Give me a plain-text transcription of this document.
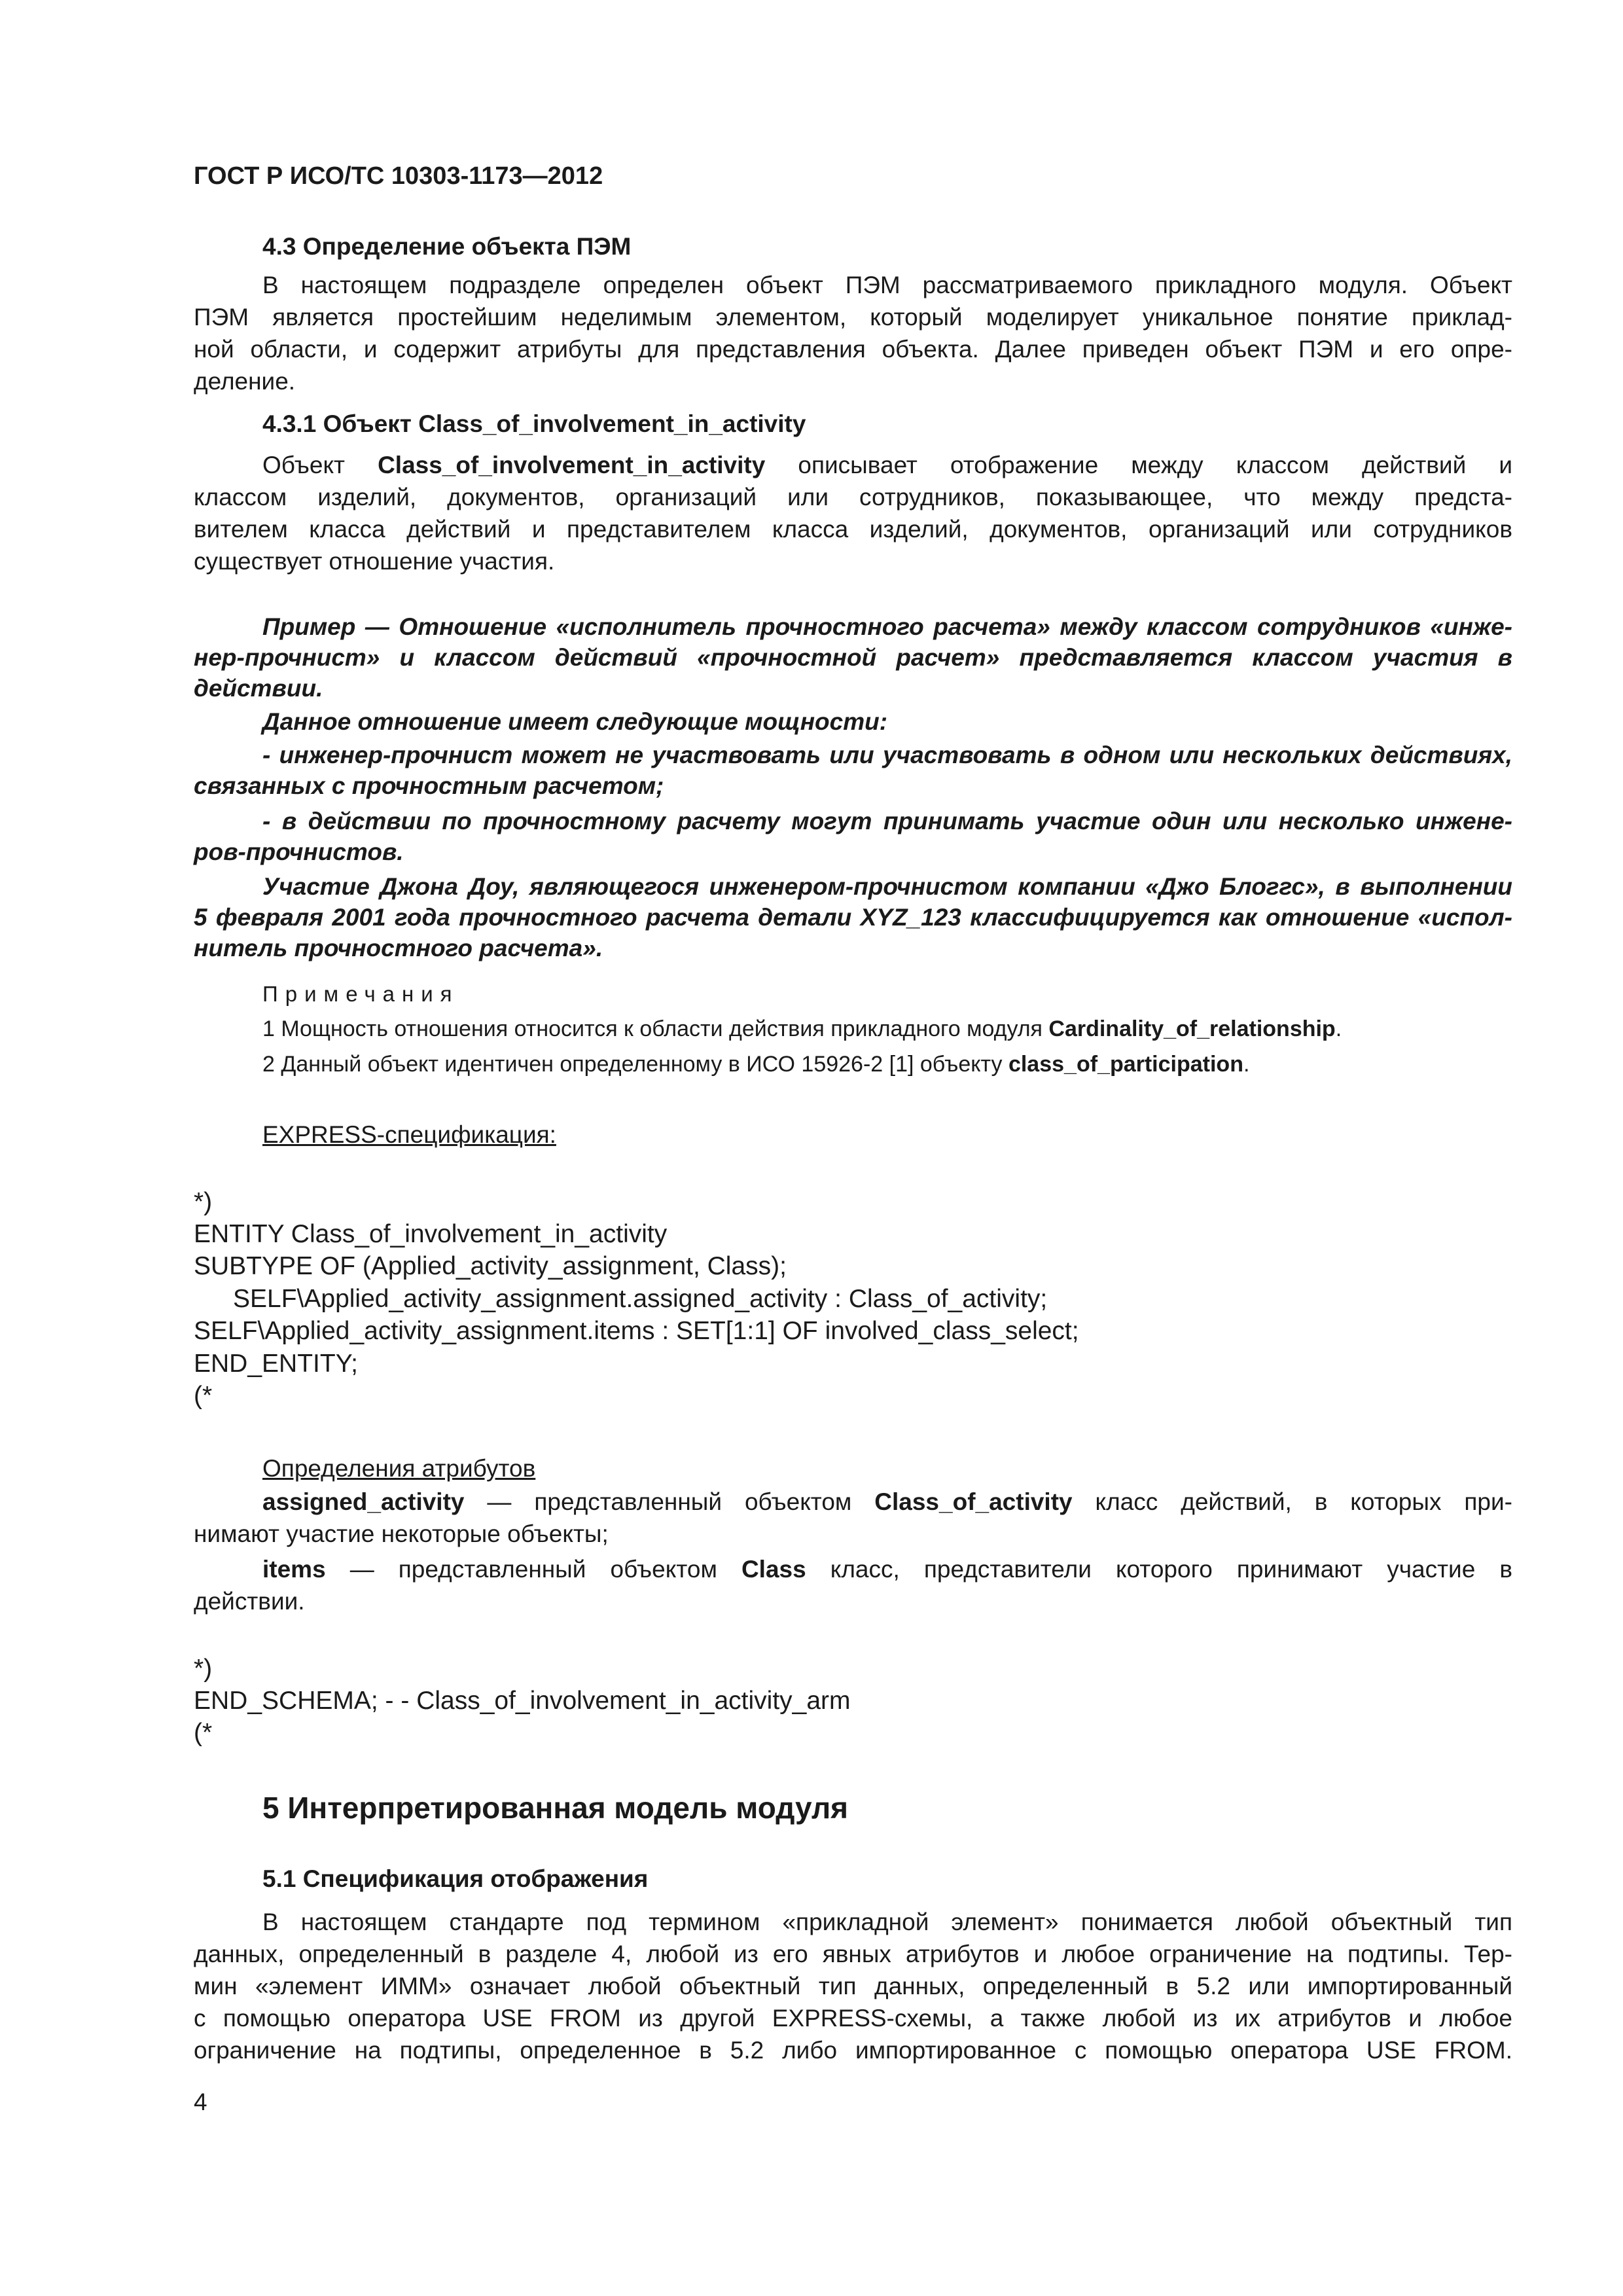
ГОСТ Р ИСО/ТС 10303-1173—2012
4.3 Определение объекта ПЭМ
В настоящем подразделе определен объект ПЭМ рассматриваемого прикладного модуля. Объект
ПЭМ является простейшим неделимым элементом, который моделирует уникальное понятие приклад-
ной области, и содержит атрибуты для представления объекта. Далее приведен объект ПЭМ и его опре-
деление.
4.3.1 Объект Class_of_involvement_in_activity
Объект Class_of_involvement_in_activity описывает отображение между классом действий и
классом изделий, документов, организаций или сотрудников, показывающее, что между предста-
вителем класса действий и представителем класса изделий, документов, организаций или сотрудников
существует отношение участия.
Пример — Отношение «исполнитель прочностного расчета» между классом сотрудников «инже-
нер-прочнист» и классом действий «прочностной расчет» представляется классом участия в
действии.
Данное отношение имеет следующие мощности:
- инженер-прочнист может не участвовать или участвовать в одном или нескольких действиях,
связанных с прочностным расчетом;
- в действии по прочностному расчету могут принимать участие один или несколько инжене-
ров-прочнистов.
Участие Джона Доу, являющегося инженером-прочнистом компании «Джо Блоггс», в выполнении
5 февраля 2001 года прочностного расчета детали XYZ_123 классифицируется как отношение «испол-
нитель прочностного расчета».
Примечания
1 Мощность отношения относится к области действия прикладного модуля Cardinality_of_relationship.
2 Данный объект идентичен определенному в ИСО 15926-2 [1] объекту class_of_participation.
EXPRESS-спецификация:
*)
ENTITY Class_of_involvement_in_activity
SUBTYPE OF (Applied_activity_assignment, Class);
SELF\Applied_activity_assignment.assigned_activity : Class_of_activity;
SELF\Applied_activity_assignment.items : SET[1:1] OF involved_class_select;
END_ENTITY;
(*
Определения атрибутов
assigned_activity — представленный объектом Class_of_activity класс действий, в которых при-
нимают участие некоторые объекты;
items — представленный объектом Class класс, представители которого принимают участие в
действии.
*)
END_SCHEMA; - - Class_of_involvement_in_activity_arm
(*
5 Интерпретированная модель модуля
5.1 Спецификация отображения
В настоящем стандарте под термином «прикладной элемент» понимается любой объектный тип
данных, определенный в разделе 4, любой из его явных атрибутов и любое ограничение на подтипы. Тер-
мин «элемент ИММ» означает любой объектный тип данных, определенный в 5.2 или импортированный
с помощью оператора USE FROM из другой EXPRESS-схемы, а также любой из их атрибутов и любое
ограничение на подтипы, определенное в 5.2 либо импортированное с помощью оператора USE FROM.
4
